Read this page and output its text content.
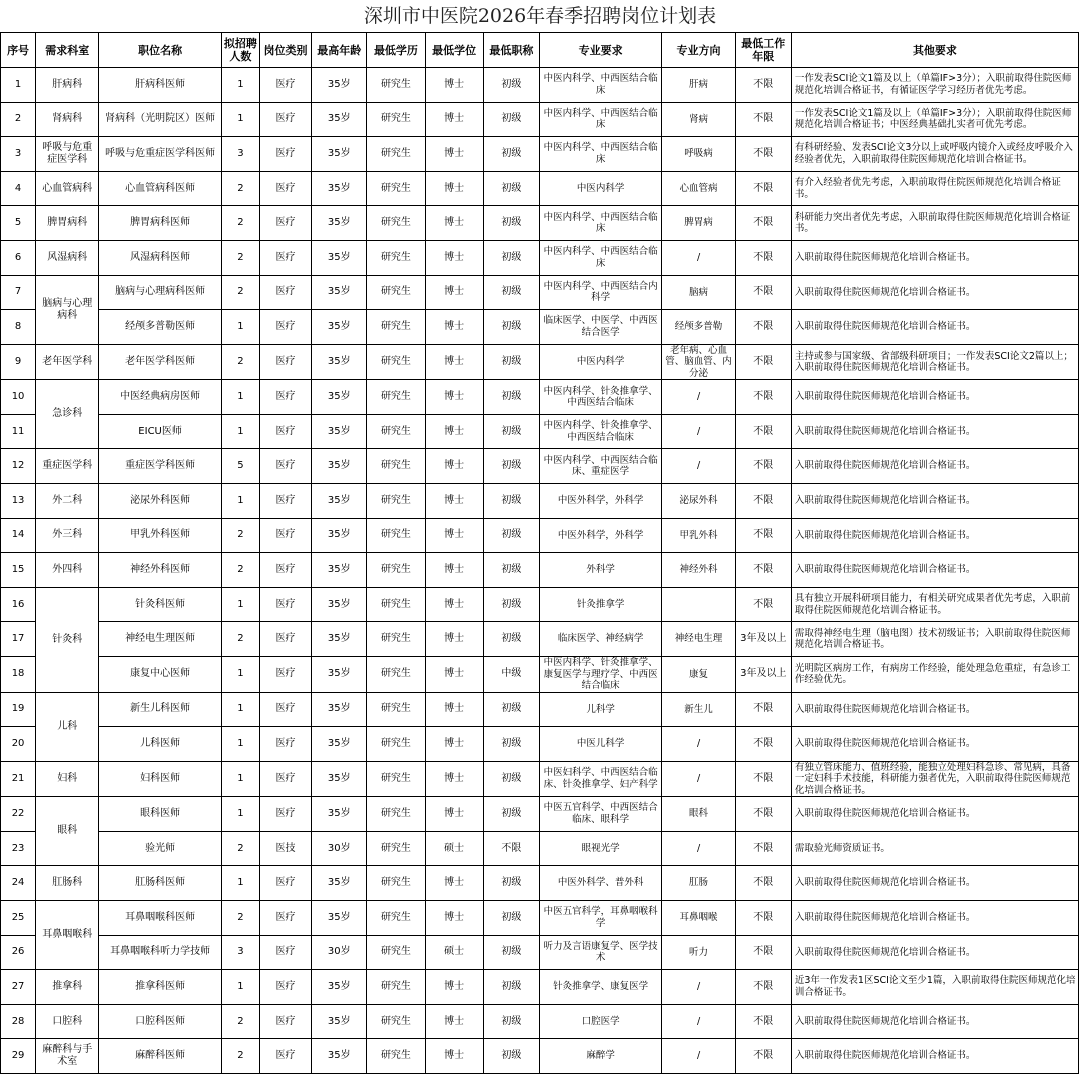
深圳市中医院2026年春季招聘岗位计划表
序号	需求科室	职位名称	拟招聘人数	岗位类别	最高年龄	最低学历	最低学位	最低职称	专业要求	专业方向	最低工作年限	其他要求
1	肝病科	肝病科医师	1	医疗	35岁	研究生	博士	初级	中医内科学、中西医结合临床	肝病	不限	一作发表SCI论文1篇及以上（单篇IF>3分）；入职前取得住院医师规范化培训合格证书，有循证医学学习经历者优先考虑。
2	肾病科	肾病科（光明院区）医师	1	医疗	35岁	研究生	博士	初级	中医内科学、中西医结合临床	肾病	不限	一作发表SCI论文1篇及以上（单篇IF>3分）；入职前取得住院医师规范化培训合格证书；中医经典基础扎实者可优先考虑。
3	呼吸与危重症医学科	呼吸与危重症医学科医师	3	医疗	35岁	研究生	博士	初级	中医内科学、中西医结合临床	呼吸病	不限	有科研经验、发表SCI论文3分以上或呼吸内镜介入或经皮呼吸介入经验者优先，入职前取得住院医师规范化培训合格证书。
4	心血管病科	心血管病科医师	2	医疗	35岁	研究生	博士	初级	中医内科学	心血管病	不限	有介入经验者优先考虑，入职前取得住院医师规范化培训合格证书。
5	脾胃病科	脾胃病科医师	2	医疗	35岁	研究生	博士	初级	中医内科学、中西医结合临床	脾胃病	不限	科研能力突出者优先考虑，入职前取得住院医师规范化培训合格证书。
6	风湿病科	风湿病科医师	2	医疗	35岁	研究生	博士	初级	中医内科学、中西医结合临床	/	不限	入职前取得住院医师规范化培训合格证书。
7	脑病与心理病科	脑病与心理病科医师	2	医疗	35岁	研究生	博士	初级	中医内科学、中西医结合内科学	脑病	不限	入职前取得住院医师规范化培训合格证书。
8		经颅多普勒医师	1	医疗	35岁	研究生	博士	初级	临床医学、中医学、中西医结合医学	经颅多普勒	不限	入职前取得住院医师规范化培训合格证书。
9	老年医学科	老年医学科医师	2	医疗	35岁	研究生	博士	初级	中医内科学	老年病、心血管、脑血管、内分泌	不限	主持或参与国家级、省部级科研项目；一作发表SCI论文2篇以上；入职前取得住院医师规范化培训合格证书。
10	急诊科	中医经典病房医师	1	医疗	35岁	研究生	博士	初级	中医内科学、针灸推拿学、中西医结合临床	/	不限	入职前取得住院医师规范化培训合格证书。
11		EICU医师	1	医疗	35岁	研究生	博士	初级	中医内科学、针灸推拿学、中西医结合临床	/	不限	入职前取得住院医师规范化培训合格证书。
12	重症医学科	重症医学科医师	5	医疗	35岁	研究生	博士	初级	中医内科学、中西医结合临床、重症医学	/	不限	入职前取得住院医师规范化培训合格证书。
13	外二科	泌尿外科医师	1	医疗	35岁	研究生	博士	初级	中医外科学，外科学	泌尿外科	不限	入职前取得住院医师规范化培训合格证书。
14	外三科	甲乳外科医师	2	医疗	35岁	研究生	博士	初级	中医外科学，外科学	甲乳外科	不限	入职前取得住院医师规范化培训合格证书。
15	外四科	神经外科医师	2	医疗	35岁	研究生	博士	初级	外科学	神经外科	不限	入职前取得住院医师规范化培训合格证书。
16	针灸科	针灸科医师	1	医疗	35岁	研究生	博士	初级	针灸推拿学		不限	具有独立开展科研项目能力，有相关研究成果者优先考虑，入职前取得住院医师规范化培训合格证书。
17		神经电生理医师	2	医疗	35岁	研究生	博士	初级	临床医学、神经病学	神经电生理	3年及以上	需取得神经电生理（脑电图）技术初级证书；入职前取得住院医师规范化培训合格证书。
18		康复中心医师	1	医疗	35岁	研究生	博士	中级	中医内科学、针灸推拿学、康复医学与理疗学、中西医结合临床	康复	3年及以上	光明院区病房工作，有病房工作经验，能处理急危重症，有急诊工作经验优先。
19	儿科	新生儿科医师	1	医疗	35岁	研究生	博士	初级	儿科学	新生儿	不限	入职前取得住院医师规范化培训合格证书。
20		儿科医师	1	医疗	35岁	研究生	博士	初级	中医儿科学	/	不限	入职前取得住院医师规范化培训合格证书。
21	妇科	妇科医师	1	医疗	35岁	研究生	博士	初级	中医妇科学、中西医结合临床、针灸推拿学、妇产科学	/	不限	有独立管床能力、值班经验，能独立处理妇科急诊、常见病，具备一定妇科手术技能，科研能力强者优先，入职前取得住院医师规范化培训合格证书。
22	眼科	眼科医师	1	医疗	35岁	研究生	博士	初级	中医五官科学、中西医结合临床、眼科学	眼科	不限	入职前取得住院医师规范化培训合格证书。
23		验光师	2	医技	30岁	研究生	硕士	不限	眼视光学	/	不限	需取验光师资质证书。
24	肛肠科	肛肠科医师	1	医疗	35岁	研究生	博士	初级	中医外科学、普外科	肛肠	不限	入职前取得住院医师规范化培训合格证书。
25	耳鼻咽喉科	耳鼻咽喉科医师	2	医疗	35岁	研究生	博士	初级	中医五官科学，耳鼻咽喉科学	耳鼻咽喉	不限	入职前取得住院医师规范化培训合格证书。
26		耳鼻咽喉科听力学技师	3	医疗	30岁	研究生	硕士	初级	听力及言语康复学、医学技术	听力	不限	入职前取得住院医师规范化培训合格证书。
27	推拿科	推拿科医师	1	医疗	35岁	研究生	博士	初级	针灸推拿学、康复医学	/	不限	近3年一作发表1区SCI论文至少1篇，入职前取得住院医师规范化培训合格证书。
28	口腔科	口腔科医师	2	医疗	35岁	研究生	博士	初级	口腔医学	/	不限	入职前取得住院医师规范化培训合格证书。
29	麻醉科与手术室	麻醉科医师	2	医疗	35岁	研究生	博士	初级	麻醉学	/	不限	入职前取得住院医师规范化培训合格证书。
